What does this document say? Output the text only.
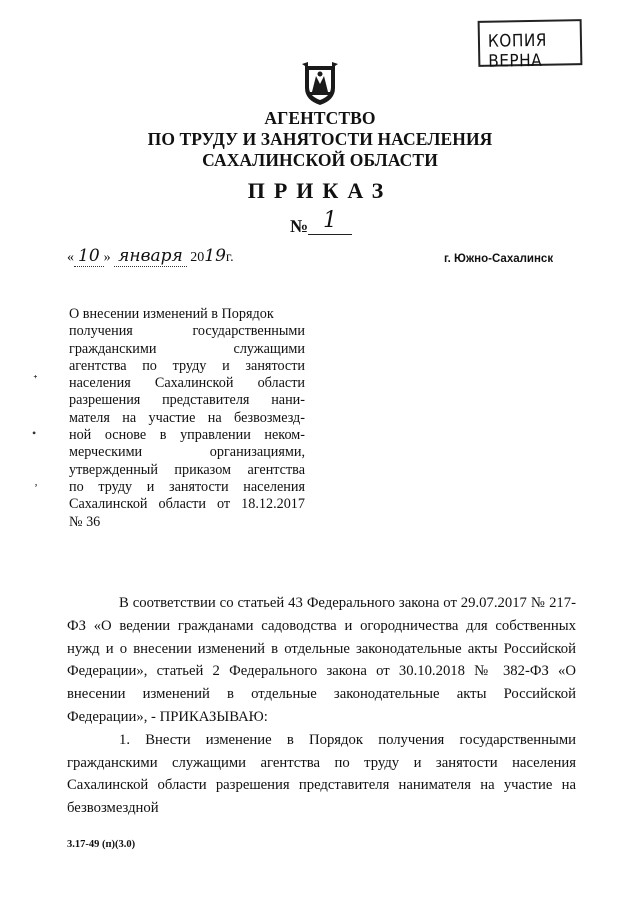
КОПИЯ ВЕРНА
АГЕНТСТВО
ПО ТРУДУ И ЗАНЯТОСТИ НАСЕЛЕНИЯ
САХАЛИНСКОЙ ОБЛАСТИ
ПРИКАЗ
№ 1
« 10 » января 2019г.	г. Южно-Сахалинск
О внесении изменений в Порядок
получения государственными
гражданскими служащими
агентства по труду и занятости
населения Сахалинской области
разрешения представителя нани-
мателя на участие на безвозмезд-
ной основе в управлении неком-
мерческими организациями,
утвержденный приказом агентства
по труду и занятости населения
Сахалинской области от 18.12.2017
№ 36
ᐩ
•
ʼ

В соответствии со статьей 43 Федерального закона от 29.07.2017 № 217-ФЗ «О ведении гражданами садоводства и огородничества для собственных нужд и о внесении изменений в отдельные законодательные акты Российской Федерации», статьей 2 Федерального закона от 30.10.2018 № 382-ФЗ «О внесении изменений в отдельные законодательные акты Российской Федерации», - ПРИКАЗЫВАЮ:

1. Внести изменение в Порядок получения государственными гражданскими служащими агентства по труду и занятости населения Сахалинской области разрешения представителя нанимателя на участие на безвозмездной

3.17-49 (п)(3.0)
